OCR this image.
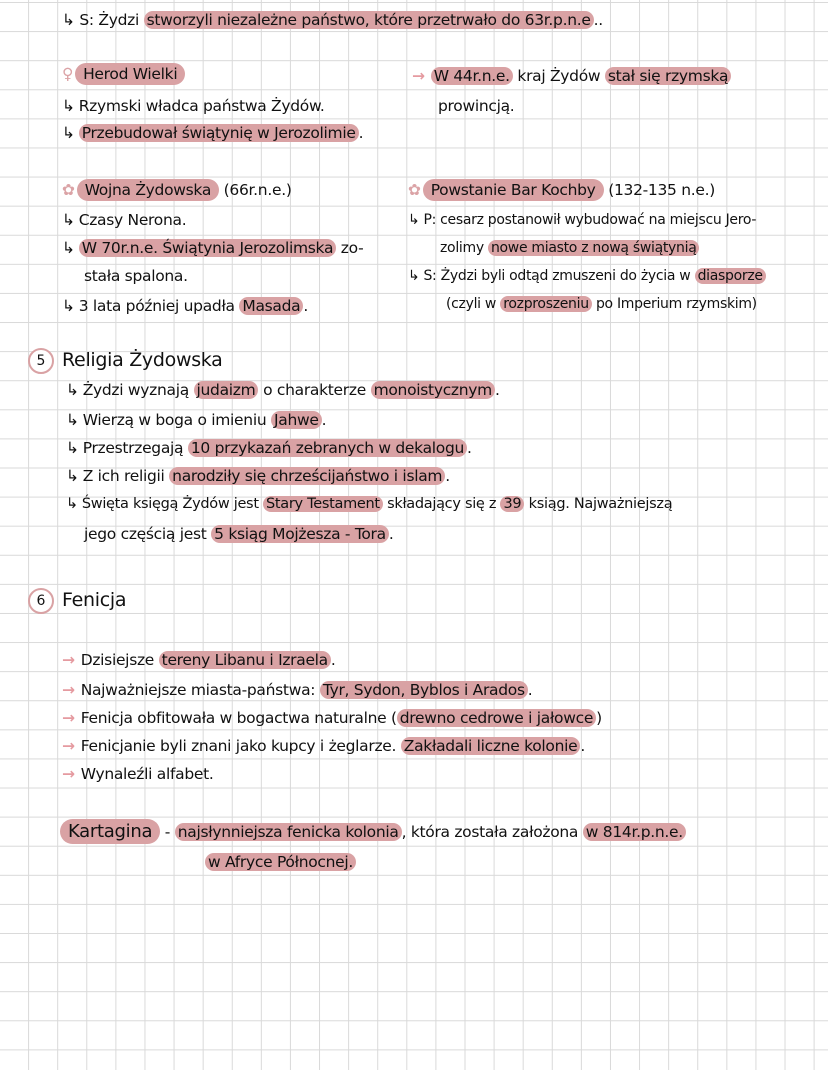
↳ S: Żydzi stworzyli niezależne państwo, które przetrwało do 63r.p.n.e ..
♀ Herod Wielki
↳ Rzymski władca państwa Żydów.
↳ Przebudował świątynię w Jerozolimie .
→ W 44r.n.e. kraj Żydów stał się rzymską
prowincją.
✿ Wojna Żydowska (66r.n.e.)
↳ Czasy Nerona.
↳ W 70r.n.e. Świątynia Jerozolimska zo-
stała spalona.
↳ 3 lata później upadła Masada .
✿ Powstanie Bar Kochby (132-135 n.e.)
↳ P: cesarz postanowił wybudować na miejscu Jero-
zolimy nowe miasto z nową świątynią
↳ S: Żydzi byli odtąd zmuszeni do życia w diasporze
(czyli w rozproszeniu po Imperium rzymskim)
5 Religia Żydowska
↳ Żydzi wyznają judaizm o charakterze monoistycznym .
↳ Wierzą w boga o imieniu Jahwe .
↳ Przestrzegają 10 przykazań zebranych w dekalogu .
↳ Z ich religii narodziły się chrześcijaństwo i islam .
↳ Święta księgą Żydów jest Stary Testament składający się z 39 ksiąg. Najważniejszą
jego częścią jest 5 ksiąg Mojżesza - Tora .
6 Fenicja
→ Dzisiejsze tereny Libanu i Izraela .
→ Najważniejsze miasta-państwa: Tyr, Sydon, Byblos i Arados .
→ Fenicja obfitowała w bogactwa naturalne ( drewno cedrowe i jałowce )
→ Fenicjanie byli znani jako kupcy i żeglarze. Zakładali liczne kolonie .
→ Wynaleźli alfabet.
Kartagina - najsłynniejsza fenicka kolonia , która została założona w 814r.p.n.e.
w Afryce Północnej.
